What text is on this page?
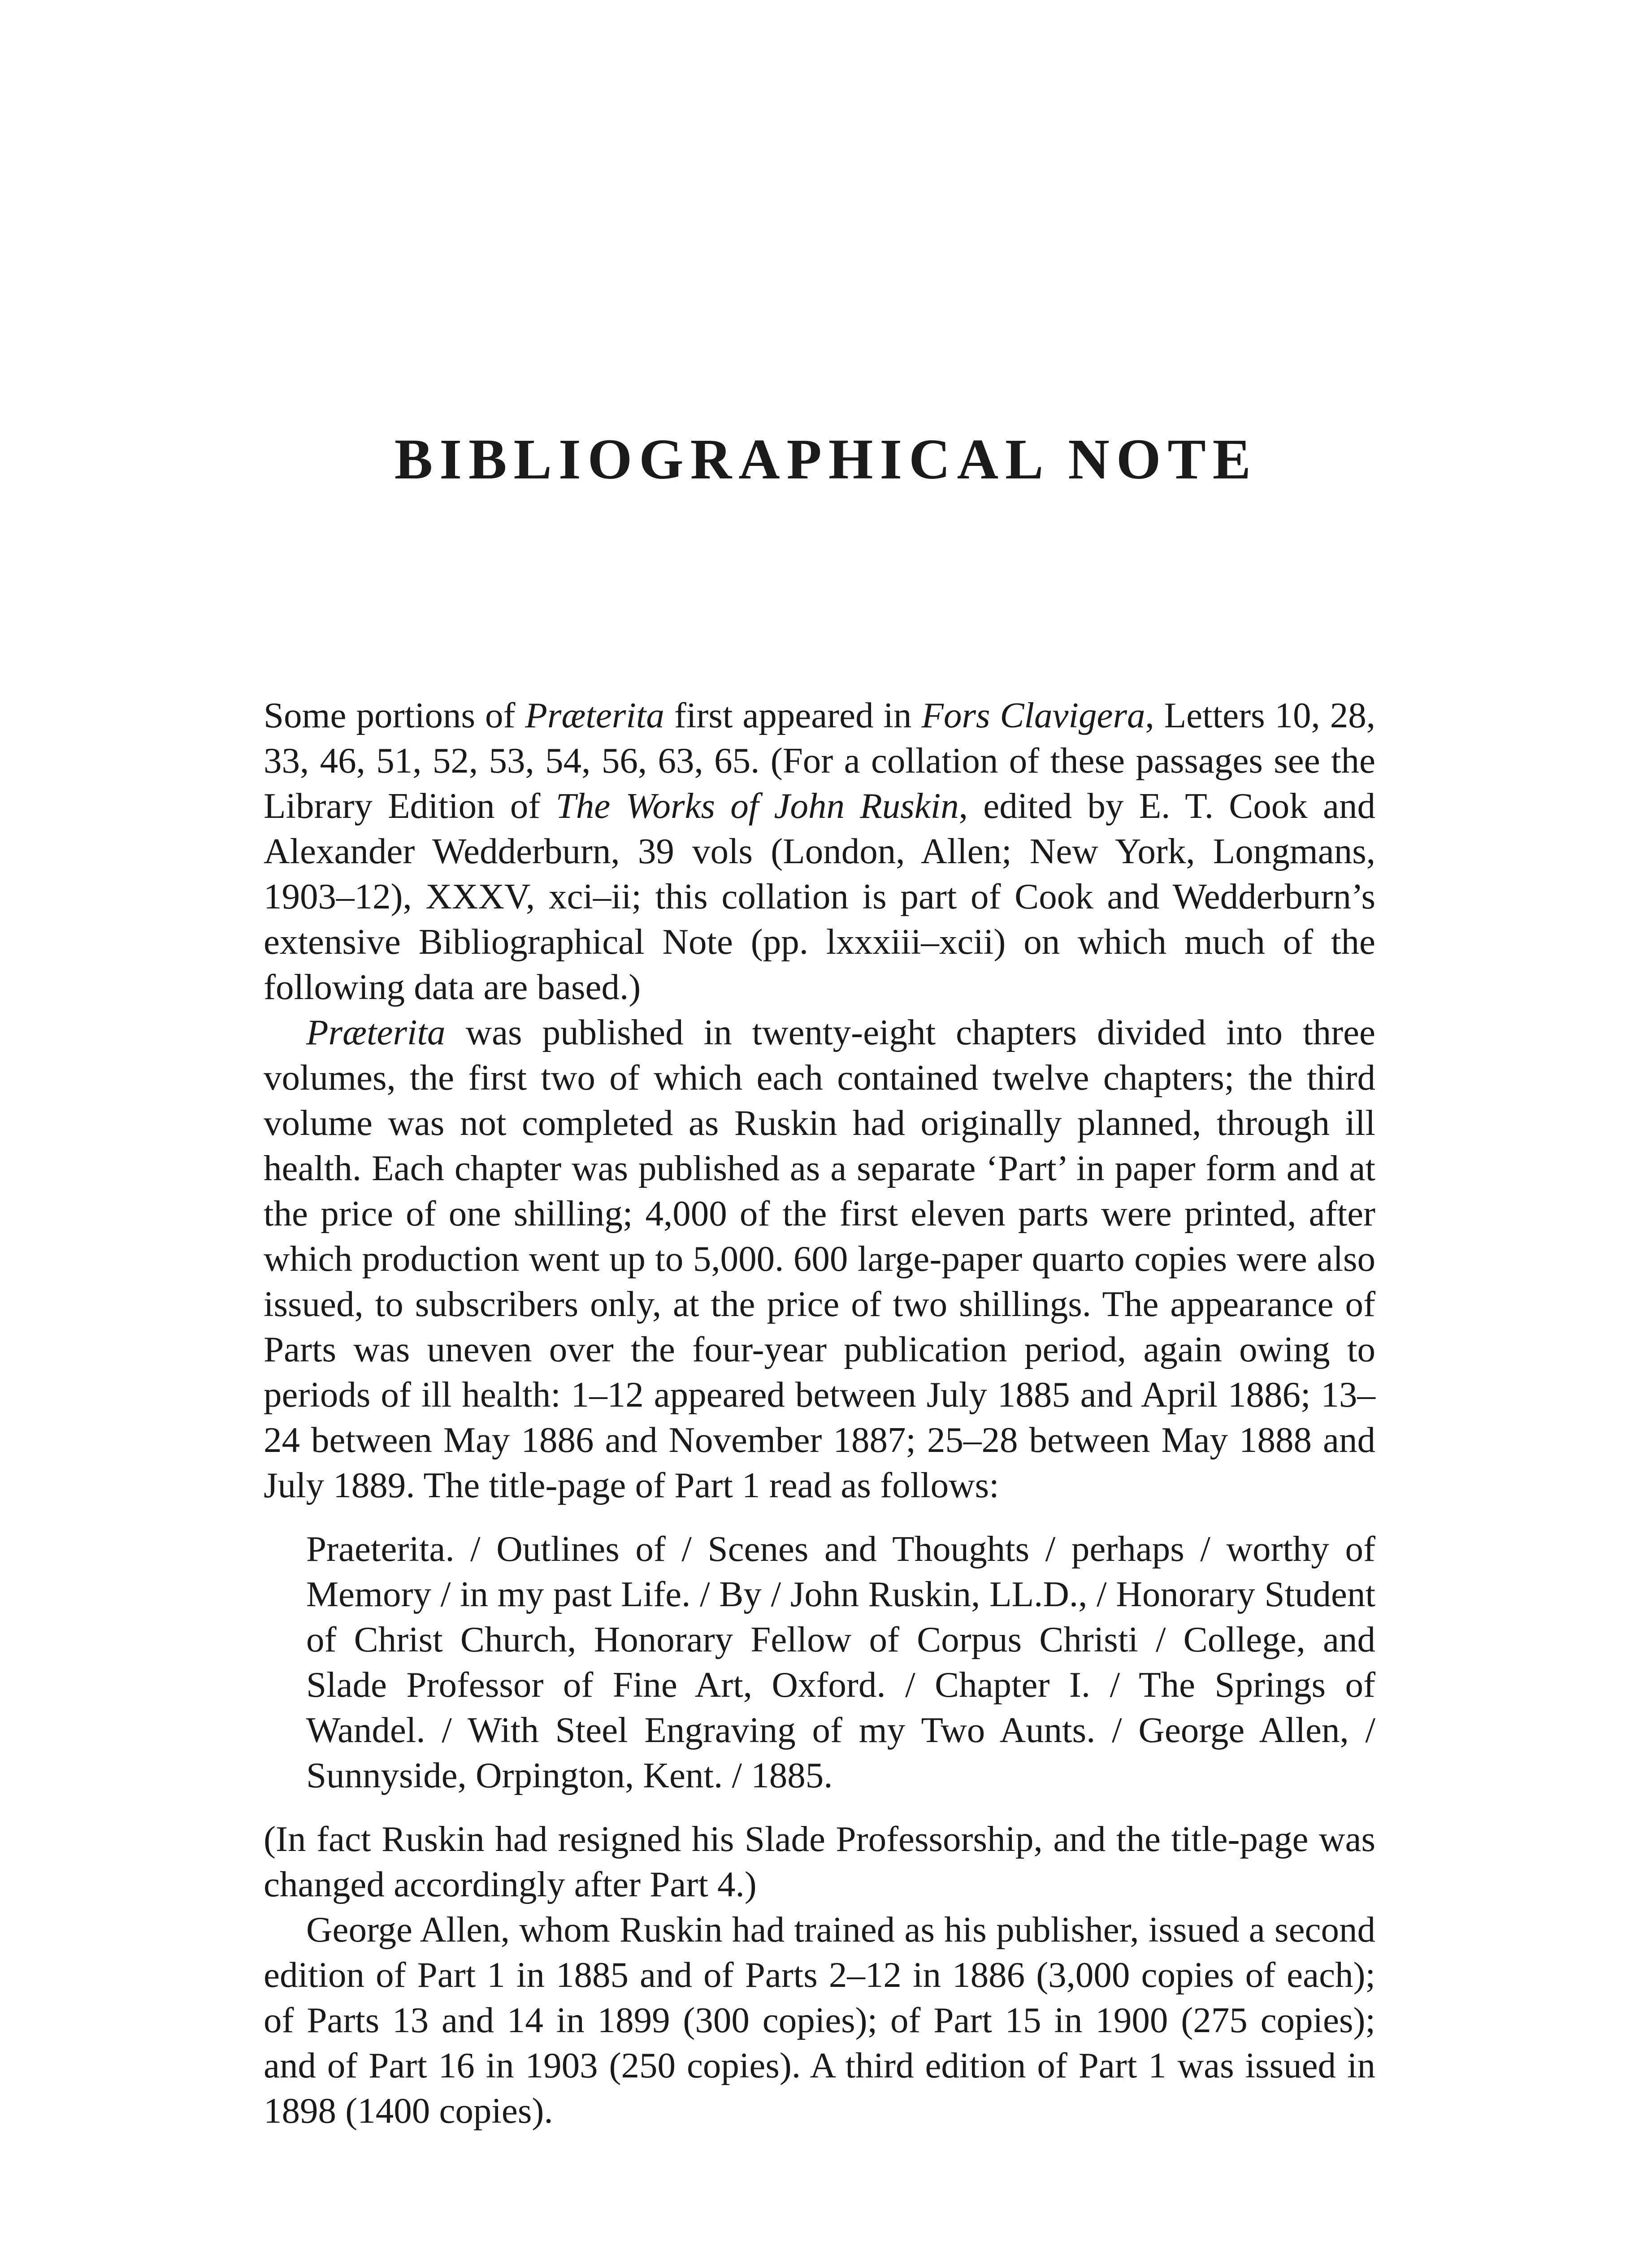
BIBLIOGRAPHICAL NOTE

Some portions of Præterita first appeared in Fors Clavigera, Letters 10, 28, 33, 46, 51, 52, 53, 54, 56, 63, 65. (For a collation of these passages see the Library Edition of The Works of John Ruskin, edited by E. T. Cook and Alexander Wedderburn, 39 vols (London, Allen; New York, Longmans, 1903–12), XXXV, xci–ii; this collation is part of Cook and Wedderburn’s extensive Bibliographical Note (pp. lxxxiii–xcii) on which much of the following data are based.)

Præterita was published in twenty-eight chapters divided into three volumes, the first two of which each contained twelve chapters; the third volume was not completed as Ruskin had originally planned, through ill health. Each chapter was published as a separate ‘Part’ in paper form and at the price of one shilling; 4,000 of the first eleven parts were printed, after which production went up to 5,000. 600 large-paper quarto copies were also issued, to subscribers only, at the price of two shillings. The appearance of Parts was uneven over the four-year publication period, again owing to periods of ill health: 1–12 appeared between July 1885 and April 1886; 13–24 between May 1886 and November 1887; 25–28 between May 1888 and July 1889. The title-page of Part 1 read as follows:

Praeterita. / Outlines of / Scenes and Thoughts / perhaps / worthy of Memory / in my past Life. / By / John Ruskin, LL.D., / Honorary Student of Christ Church, Honorary Fellow of Corpus Christi / College, and Slade Professor of Fine Art, Oxford. / Chapter I. / The Springs of Wandel. / With Steel Engraving of my Two Aunts. / George Allen, / Sunnyside, Orpington, Kent. / 1885.

(In fact Ruskin had resigned his Slade Professorship, and the title-page was changed accordingly after Part 4.)

George Allen, whom Ruskin had trained as his publisher, issued a second edition of Part 1 in 1885 and of Parts 2–12 in 1886 (3,000 copies of each); of Parts 13 and 14 in 1899 (300 copies); of Part 15 in 1900 (275 copies); and of Part 16 in 1903 (250 copies). A third edition of Part 1 was issued in 1898 (1400 copies).
